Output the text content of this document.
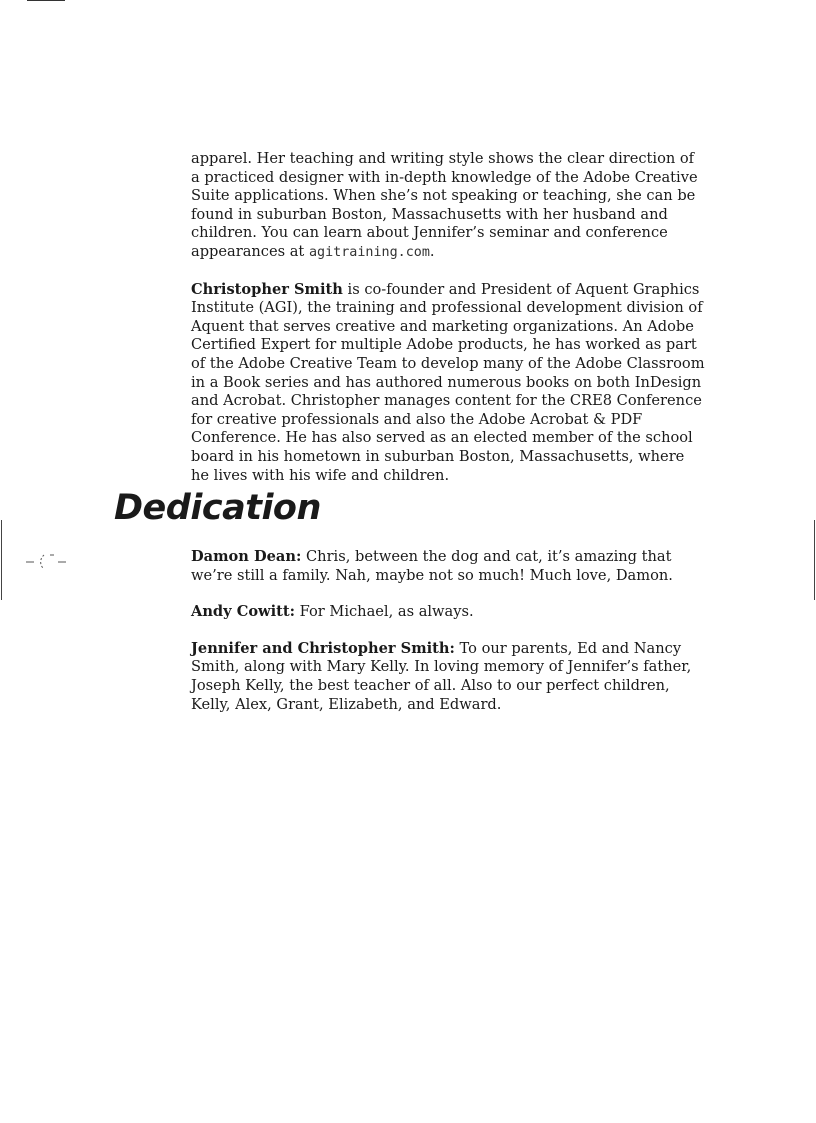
apparel. Her teaching and writing style shows the clear direction of a practiced designer with in-depth knowledge of the Adobe Creative Suite applications. When she’s not speaking or teaching, she can be found in suburban Boston, Massachusetts with her husband and children. You can learn about Jennifer’s seminar and conference appearances at agitraining.com.

Christopher Smith is co-founder and President of Aquent Graphics Institute (AGI), the training and professional development division of Aquent that serves creative and marketing organizations. An Adobe Certified Expert for multiple Adobe products, he has worked as part of the Adobe Creative Team to develop many of the Adobe Classroom in a Book series and has authored numerous books on both InDesign and Acrobat. Christopher manages content for the CRE8 Conference for creative professionals and also the Adobe Acrobat & PDF Conference. He has also served as an elected member of the school board in his hometown in suburban Boston, Massachusetts, where he lives with his wife and children.

Dedication

Damon Dean: Chris, between the dog and cat, it’s amazing that we’re still a family. Nah, maybe not so much! Much love, Damon.

Andy Cowitt: For Michael, as always.

Jennifer and Christopher Smith: To our parents, Ed and Nancy Smith, along with Mary Kelly. In loving memory of Jennifer’s father, Joseph Kelly, the best teacher of all. Also to our perfect children, Kelly, Alex, Grant, Elizabeth, and Edward.
